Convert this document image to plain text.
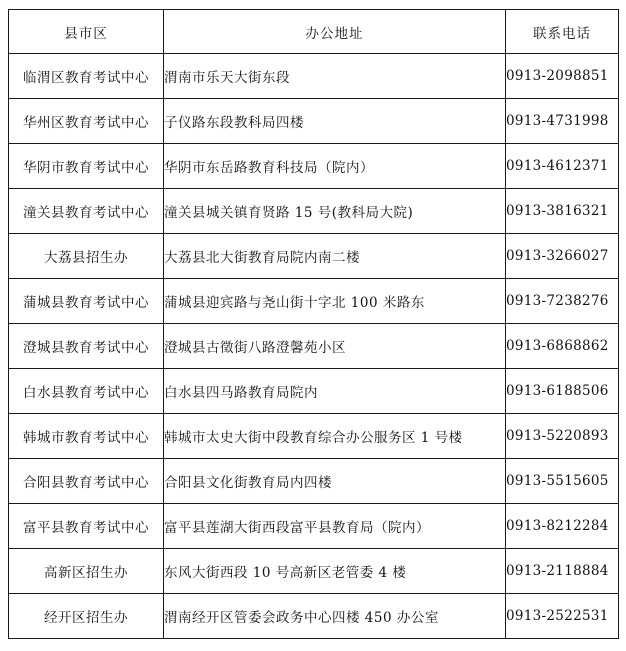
县市区	办公地址	联系电话
临渭区教育考试中心	渭南市乐天大街东段	0913-2098851
华州区教育考试中心	子仪路东段教科局四楼	0913-4731998
华阴市教育考试中心	华阴市东岳路教育科技局（院内）	0913-4612371
潼关县教育考试中心	潼关县城关镇育贤路 15 号(教科局大院)	0913-3816321
大荔县招生办	大荔县北大街教育局院内南二楼	0913-3266027
蒲城县教育考试中心	蒲城县迎宾路与尧山街十字北 100 米路东	0913-7238276
澄城县教育考试中心	澄城县古徵街八路澄馨苑小区	0913-6868862
白水县教育考试中心	白水县四马路教育局院内	0913-6188506
韩城市教育考试中心	韩城市太史大街中段教育综合办公服务区 1 号楼	0913-5220893
合阳县教育考试中心	合阳县文化街教育局内四楼	0913-5515605
富平县教育考试中心	富平县莲湖大街西段富平县教育局（院内）	0913-8212284
高新区招生办	东风大街西段 10 号高新区老管委 4 楼	0913-2118884
经开区招生办	渭南经开区管委会政务中心四楼 450 办公室	0913-2522531
